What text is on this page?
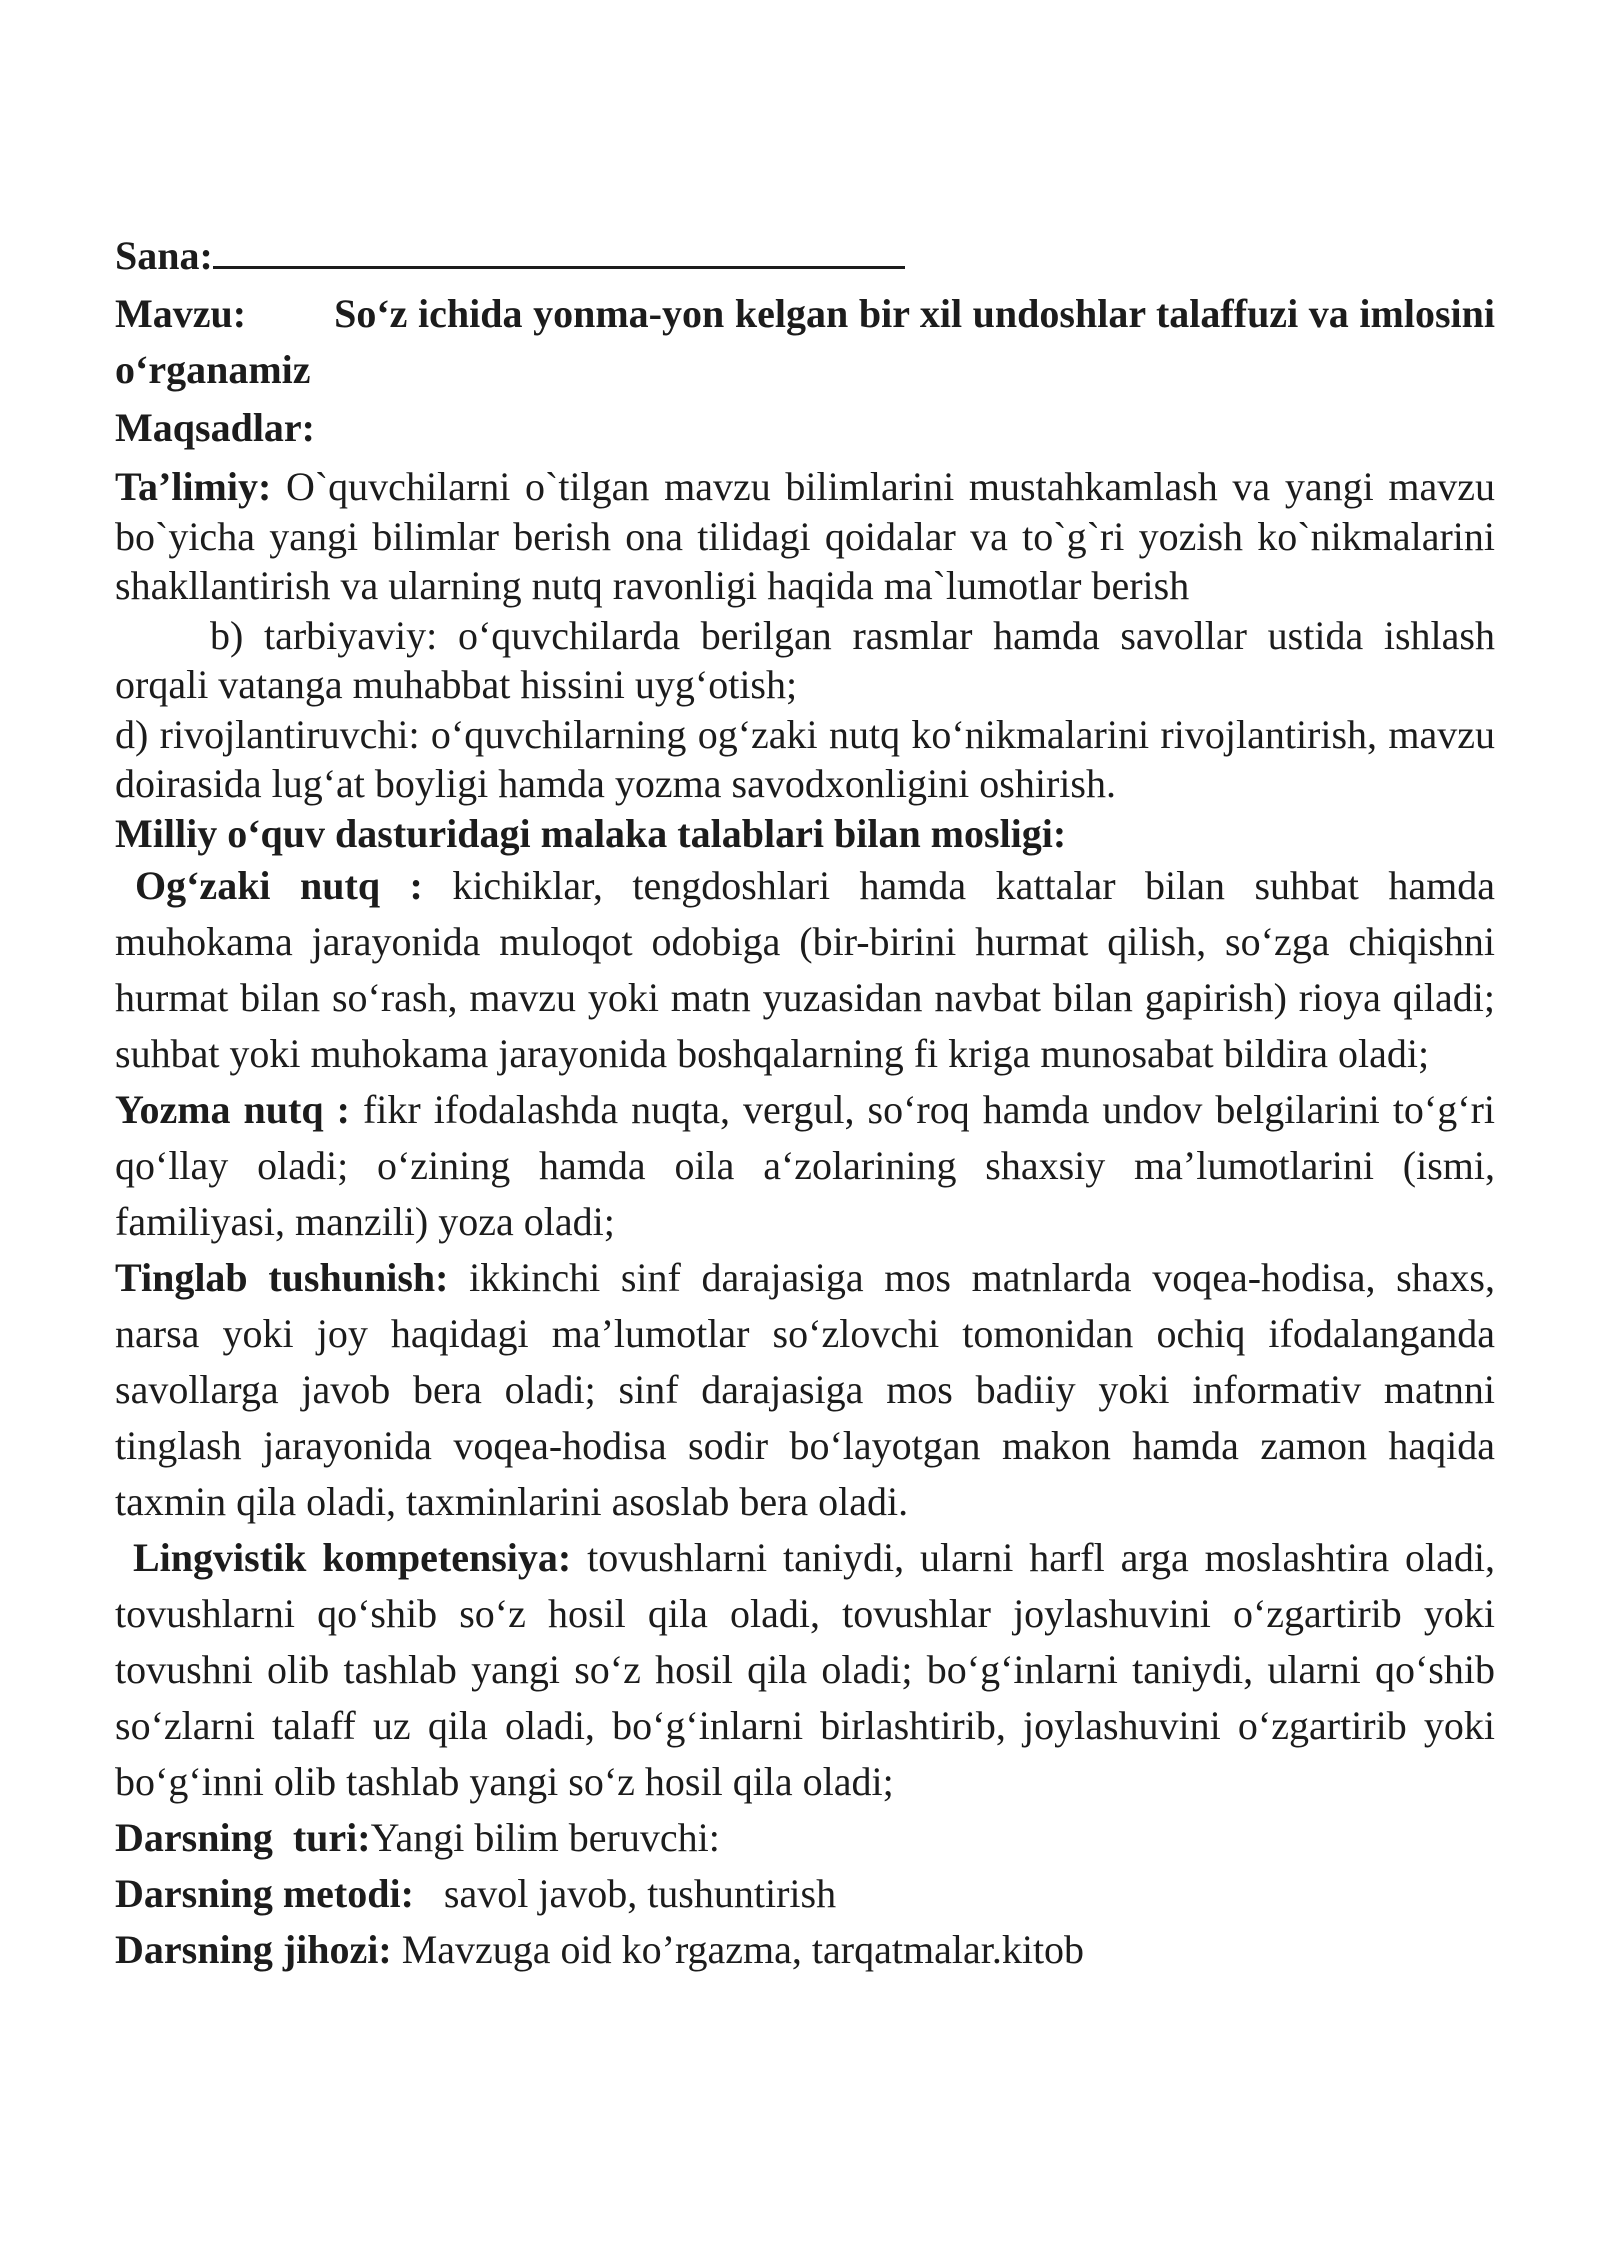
Sana:

Mavzu: So‘z ichida yonma-yon kelgan bir xil undoshlar talaffuzi va imlosini o‘rganamiz

Maqsadlar:

Ta’limiy: O`quvchilarni o`tilgan mavzu bilimlarini mustahkamlash va yangi mavzu bo`yicha yangi bilimlar berish ona tilidagi qoidalar va to`g`ri yozish ko`nikmalarini shakllantirish va ularning nutq ravonligi haqida ma`lumotlar berish

b) tarbiyaviy: o‘quvchilarda berilgan rasmlar hamda savollar ustida ishlash orqali vatanga muhabbat hissini uyg‘otish;

d) rivojlantiruvchi: o‘quvchilarning og‘zaki nutq ko‘nikmalarini rivojlantirish, mavzu doirasida lug‘at boyligi hamda yozma savodxonligini oshirish.

Milliy o‘quv dasturidagi malaka talablari bilan mosligi:

Og‘zaki nutq : kichiklar, tengdoshlari hamda kattalar bilan suhbat hamda muhokama jarayonida muloqot odobiga (bir-birini hurmat qilish, so‘zga chiqishni hurmat bilan so‘rash, mavzu yoki matn yuzasidan navbat bilan gapirish) rioya qiladi; suhbat yoki muhokama jarayonida boshqalarning fi kriga munosabat bildira oladi;

Yozma nutq : fikr ifodalashda nuqta, vergul, so‘roq hamda undov belgilarini to‘g‘ri qo‘llay oladi; o‘zining hamda oila a‘zolarining shaxsiy ma’lumotlarini (ismi, familiyasi, manzili) yoza oladi;

Tinglab tushunish: ikkinchi sinf darajasiga mos matnlarda voqea-hodisa, shaxs, narsa yoki joy haqidagi ma’lumotlar so‘zlovchi tomonidan ochiq ifodalanganda savollarga javob bera oladi; sinf darajasiga mos badiiy yoki informativ matnni tinglash jarayonida voqea-hodisa sodir bo‘layotgan makon hamda zamon haqida taxmin qila oladi, taxminlarini asoslab bera oladi.

Lingvistik kompetensiya: tovushlarni taniydi, ularni harfl arga moslashtira oladi, tovushlarni qo‘shib so‘z hosil qila oladi, tovushlar joylashuvini o‘zgartirib yoki tovushni olib tashlab yangi so‘z hosil qila oladi; bo‘g‘inlarni taniydi, ularni qo‘shib so‘zlarni talaff uz qila oladi, bo‘g‘inlarni birlashtirib, joylashuvini o‘zgartirib yoki bo‘g‘inni olib tashlab yangi so‘z hosil qila oladi;

Darsning  turi:Yangi bilim beruvchi:

Darsning metodi:   savol javob, tushuntirish

Darsning jihozi: Mavzuga oid ko’rgazma, tarqatmalar.kitob
